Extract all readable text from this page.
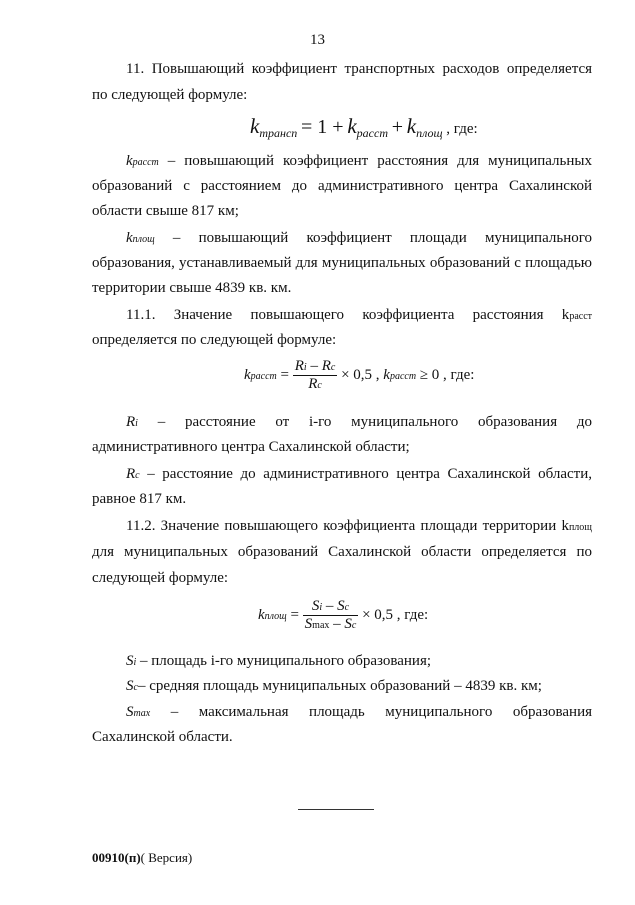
13
11. Повышающий коэффициент транспортных расходов определяется
по следующей формуле:
$k_{трансп} = 1 + k_{расст} + k_{площ}$ , где:
kрасст – повышающий коэффициент расстояния для муниципальных
образований с расстоянием до административного центра Сахалинской
области свыше 817 км;
kплощ – повышающий коэффициент площади муниципального
образования, устанавливаемый для муниципальных образований с площадью
территории свыше 4839 кв. км.
11.1. Значение повышающего коэффициента расстояния kрасст
определяется по следующей формуле:
kрасст = $\frac{Ri - Rc}{Rc} \times 0,5$ , kрасст ≥ 0 , где:
Ri – расстояние от i-го муниципального образования до
административного центра Сахалинской области;
Rc – расстояние до административного центра Сахалинской области,
равное 817 км.
11.2. Значение повышающего коэффициента площади территории kплощ
для муниципальных образований Сахалинской области определяется по
следующей формуле:
kплощ = $\frac{Si - Sc}{Smax - Sc} \times 0,5$ , где:
Si – площадь i-го муниципального образования;
Sc– средняя площадь муниципальных образований – 4839 кв. км;
Smax – максимальная площадь муниципального образования
Сахалинской области.
00910(п)( Версия)
